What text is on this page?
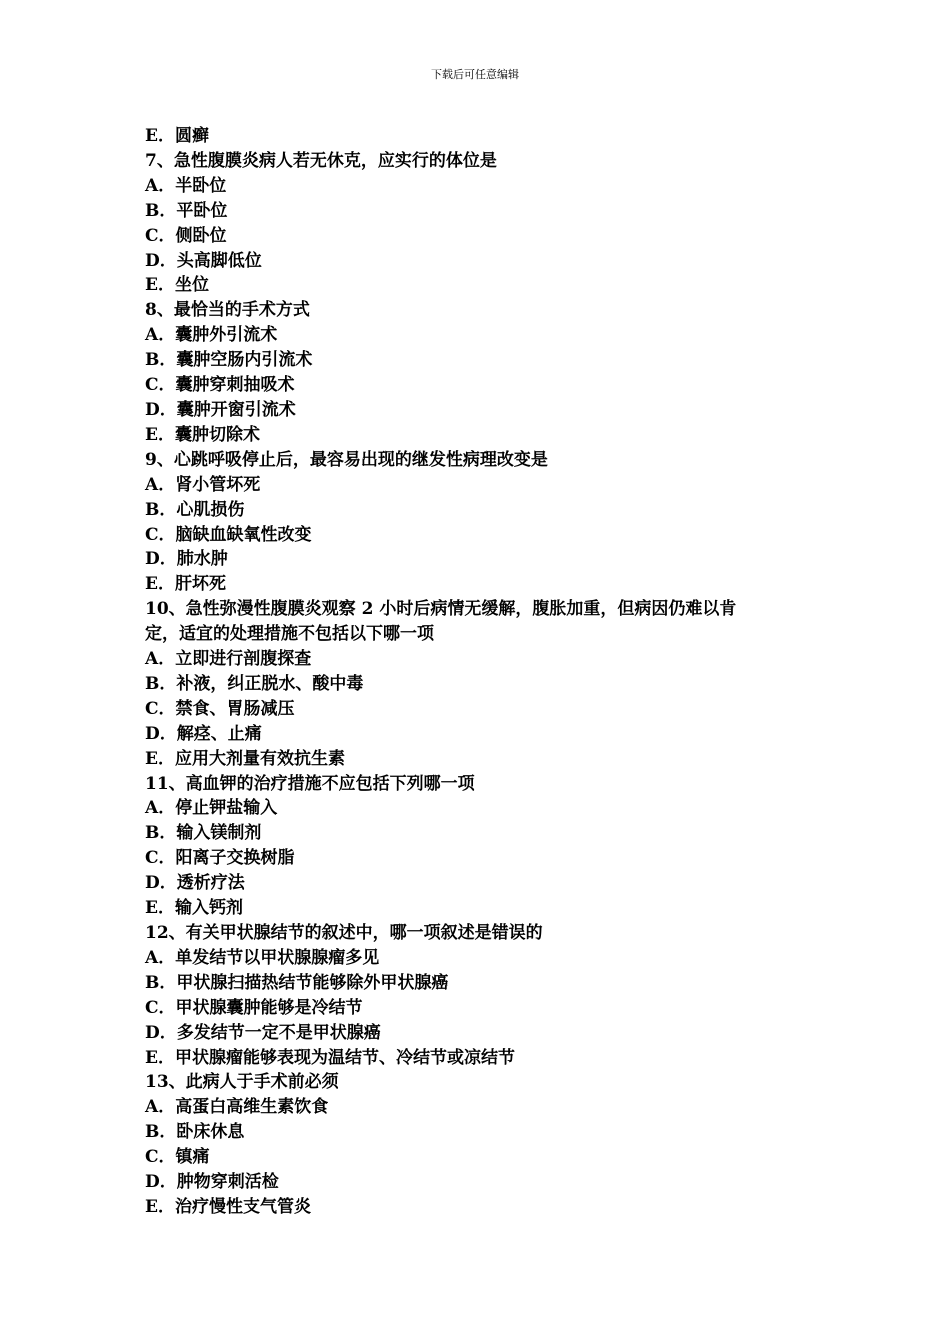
下载后可任意编辑
E．圆癣
7、急性腹膜炎病人若无休克，应实行的体位是
A．半卧位
B．平卧位
C．侧卧位
D．头高脚低位
E．坐位
8、最恰当的手术方式
A．囊肿外引流术
B．囊肿空肠内引流术
C．囊肿穿刺抽吸术
D．囊肿开窗引流术
E．囊肿切除术
9、心跳呼吸停止后，最容易出现的继发性病理改变是
A．肾小管坏死
B．心肌损伤
C．脑缺血缺氧性改变
D．肺水肿
E．肝坏死
10、急性弥漫性腹膜炎观察 2 小时后病情无缓解，腹胀加重，但病因仍难以肯
定，适宜的处理措施不包括以下哪一项
A．立即进行剖腹探查
B．补液，纠正脱水、酸中毒
C．禁食、胃肠减压
D．解痉、止痛
E．应用大剂量有效抗生素
11、高血钾的治疗措施不应包括下列哪一项
A．停止钾盐输入
B．输入镁制剂
C．阳离子交换树脂
D．透析疗法
E．输入钙剂
12、有关甲状腺结节的叙述中，哪一项叙述是错误的
A．单发结节以甲状腺腺瘤多见
B．甲状腺扫描热结节能够除外甲状腺癌
C．甲状腺囊肿能够是冷结节
D．多发结节一定不是甲状腺癌
E．甲状腺瘤能够表现为温结节、冷结节或凉结节
13、此病人于手术前必须
A．高蛋白高维生素饮食
B．卧床休息
C．镇痛
D．肿物穿刺活检
E．治疗慢性支气管炎
